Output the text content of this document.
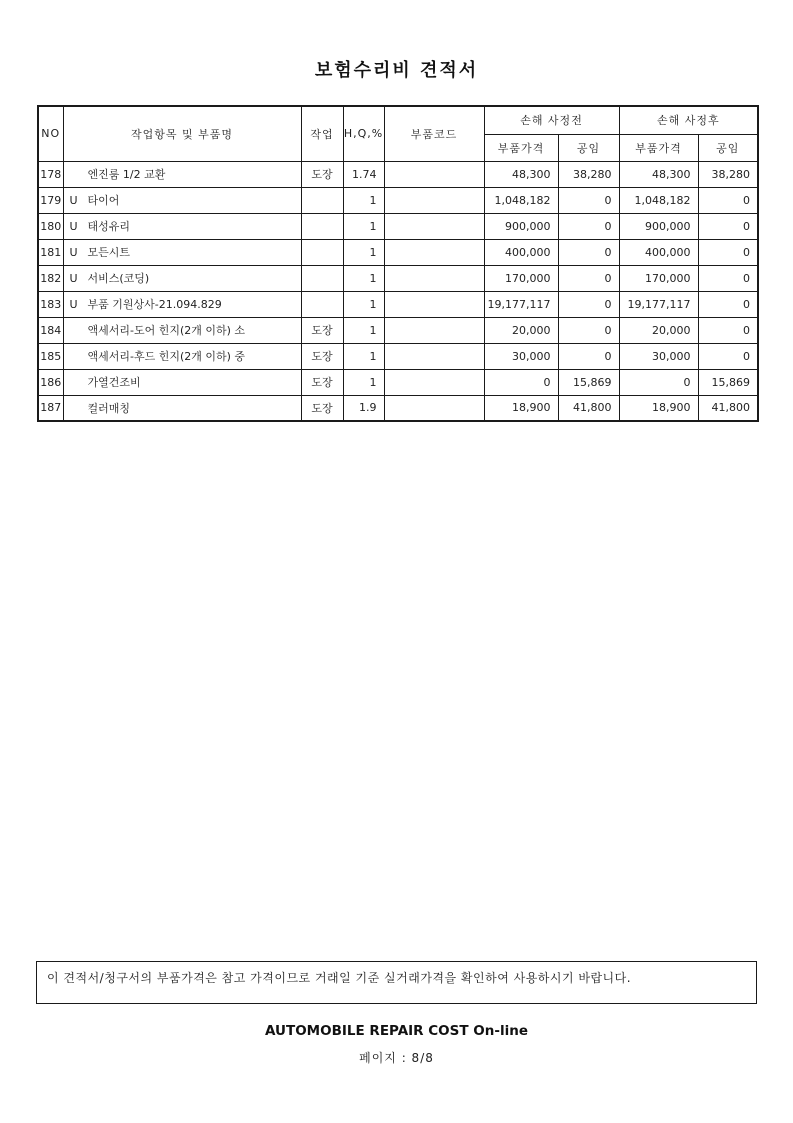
보험수리비 견적서
NO	작업항목 및 부품명	작업	H,Q,%	부품코드	손해 사정전		손해 사정후	
					부품가격	공임	부품가격	공임
178	엔진룸 1/2 교환	도장	1.74		48,300	38,280	48,300	38,280
179	U 타이어		1		1,048,182	0	1,048,182	0
180	U 태성유리		1		900,000	0	900,000	0
181	U 모든시트		1		400,000	0	400,000	0
182	U 서비스(코딩)		1		170,000	0	170,000	0
183	U 부품 기원상사-21.094.829		1		19,177,117	0	19,177,117	0
184	액세서리-도어 힌지(2개 이하) 소	도장	1		20,000	0	20,000	0
185	액세서리-후드 힌지(2개 이하) 중	도장	1		30,000	0	30,000	0
186	가열건조비	도장	1		0	15,869	0	15,869
187	컬러매칭	도장	1.9		18,900	41,800	18,900	41,800
이 견적서/청구서의 부품가격은 참고 가격이므로 거래일 기준 실거래가격을 확인하여 사용하시기 바랍니다.
AUTOMOBILE REPAIR COST On-line
페이지 : 8/8
